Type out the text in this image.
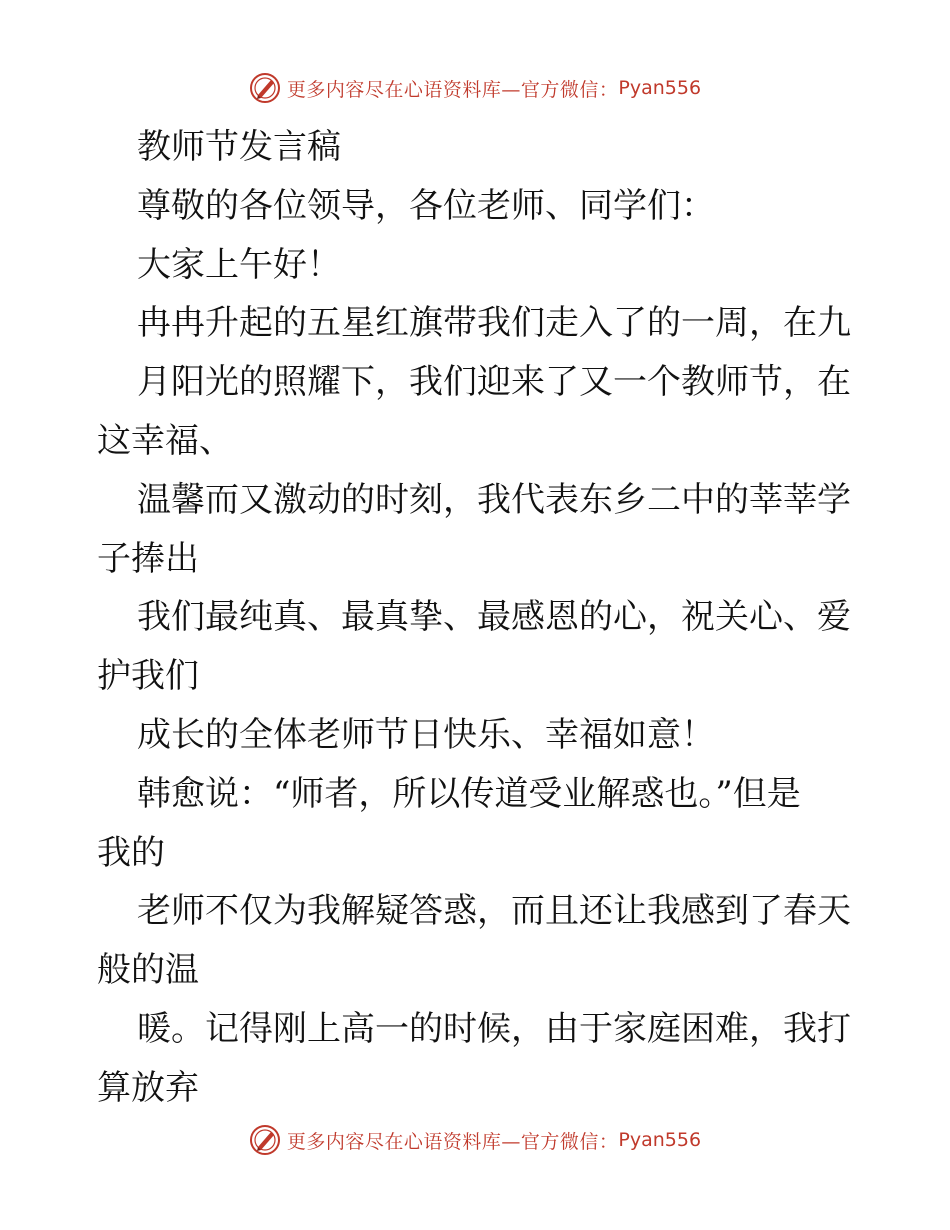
更多内容尽在心语资料库—官方微信： Pyan556
教师节发言稿
尊敬的各位领导，各位老师、同学们：
大家上午好！
冉冉升起的五星红旗带我们走入了的一周，在九
月阳光的照耀下，我们迎来了又一个教师节，在
这幸福、
温馨而又激动的时刻，我代表东乡二中的莘莘学
子捧出
我们最纯真、最真挚、最感恩的心，祝关心、爱
护我们
成长的全体老师节日快乐、幸福如意！
韩愈说：“师者，所以传道受业解惑也。”但是
我的
老师不仅为我解疑答惑，而且还让我感到了春天
般的温
暖。记得刚上高一的时候，由于家庭困难，我打
算放弃
更多内容尽在心语资料库—官方微信： Pyan556
